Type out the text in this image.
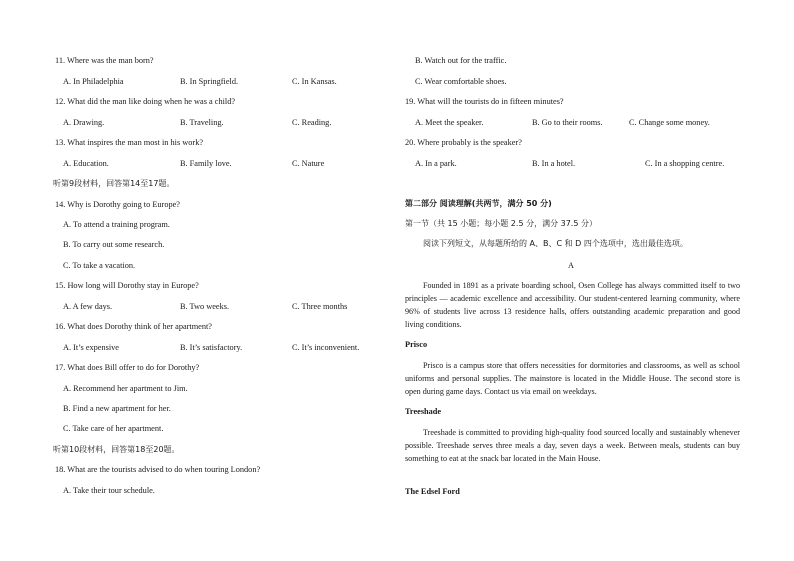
11. Where was the man born?
A. In Philadelphia	B. In Springfield.	C. In Kansas.
12. What did the man like doing when he was a child?
A. Drawing.	B. Traveling.	C. Reading.
13. What inspires the man most in his work?
A. Education.	B. Family love.	C. Nature
听第9段材料，回答第14至17题。
14. Why is Dorothy going to Europe?
A. To attend a training program.
B. To carry out some research.
C. To take a vacation.
15. How long will Dorothy stay in Europe?
A. A few days.	B. Two weeks.	C. Three months
16. What does Dorothy think of her apartment?
A. It’s expensive	B. It’s satisfactory.	C. It’s inconvenient.
17. What does Bill offer to do for Dorothy?
A. Recommend her apartment to Jim.
B. Find a new apartment for her.
C. Take care of her apartment.
听第10段材料，回答第18至20题。
18. What are the tourists advised to do when touring London?
A. Take their tour schedule.
B. Watch out for the traffic.
C. Wear comfortable shoes.
19. What will the tourists do in fifteen minutes?
A. Meet the speaker.	B. Go to their rooms.	C. Change some money.
20. Where probably is the speaker?
A. In a park.	B. In a hotel.	C. In a shopping centre.
第二部分 阅读理解(共两节，满分 50 分)
第一节（共 15 小题；每小题 2.5 分，满分 37.5 分）
阅读下列短文，从每题所给的 A、B、C 和 D 四个选项中，选出最佳选项。
A
Founded in 1891 as a private boarding school, Osen College has always committed itself to two principles — academic excellence and accessibility. Our student-centered learning community, where 96% of students live across 13 residence halls, offers outstanding academic preparation and good living conditions.
Prisco
Prisco is a campus store that offers necessities for dormitories and classrooms, as well as school uniforms and personal supplies. The mainstore is located in the Middle House. The second store is open during game days. Contact us via email on weekdays.
Treeshade
Treeshade is committed to providing high-quality food sourced locally and sustainably whenever possible. Treeshade serves three meals a day, seven days a week. Between meals, students can buy something to eat at the snack bar located in the Main House.
The Edsel Ford
